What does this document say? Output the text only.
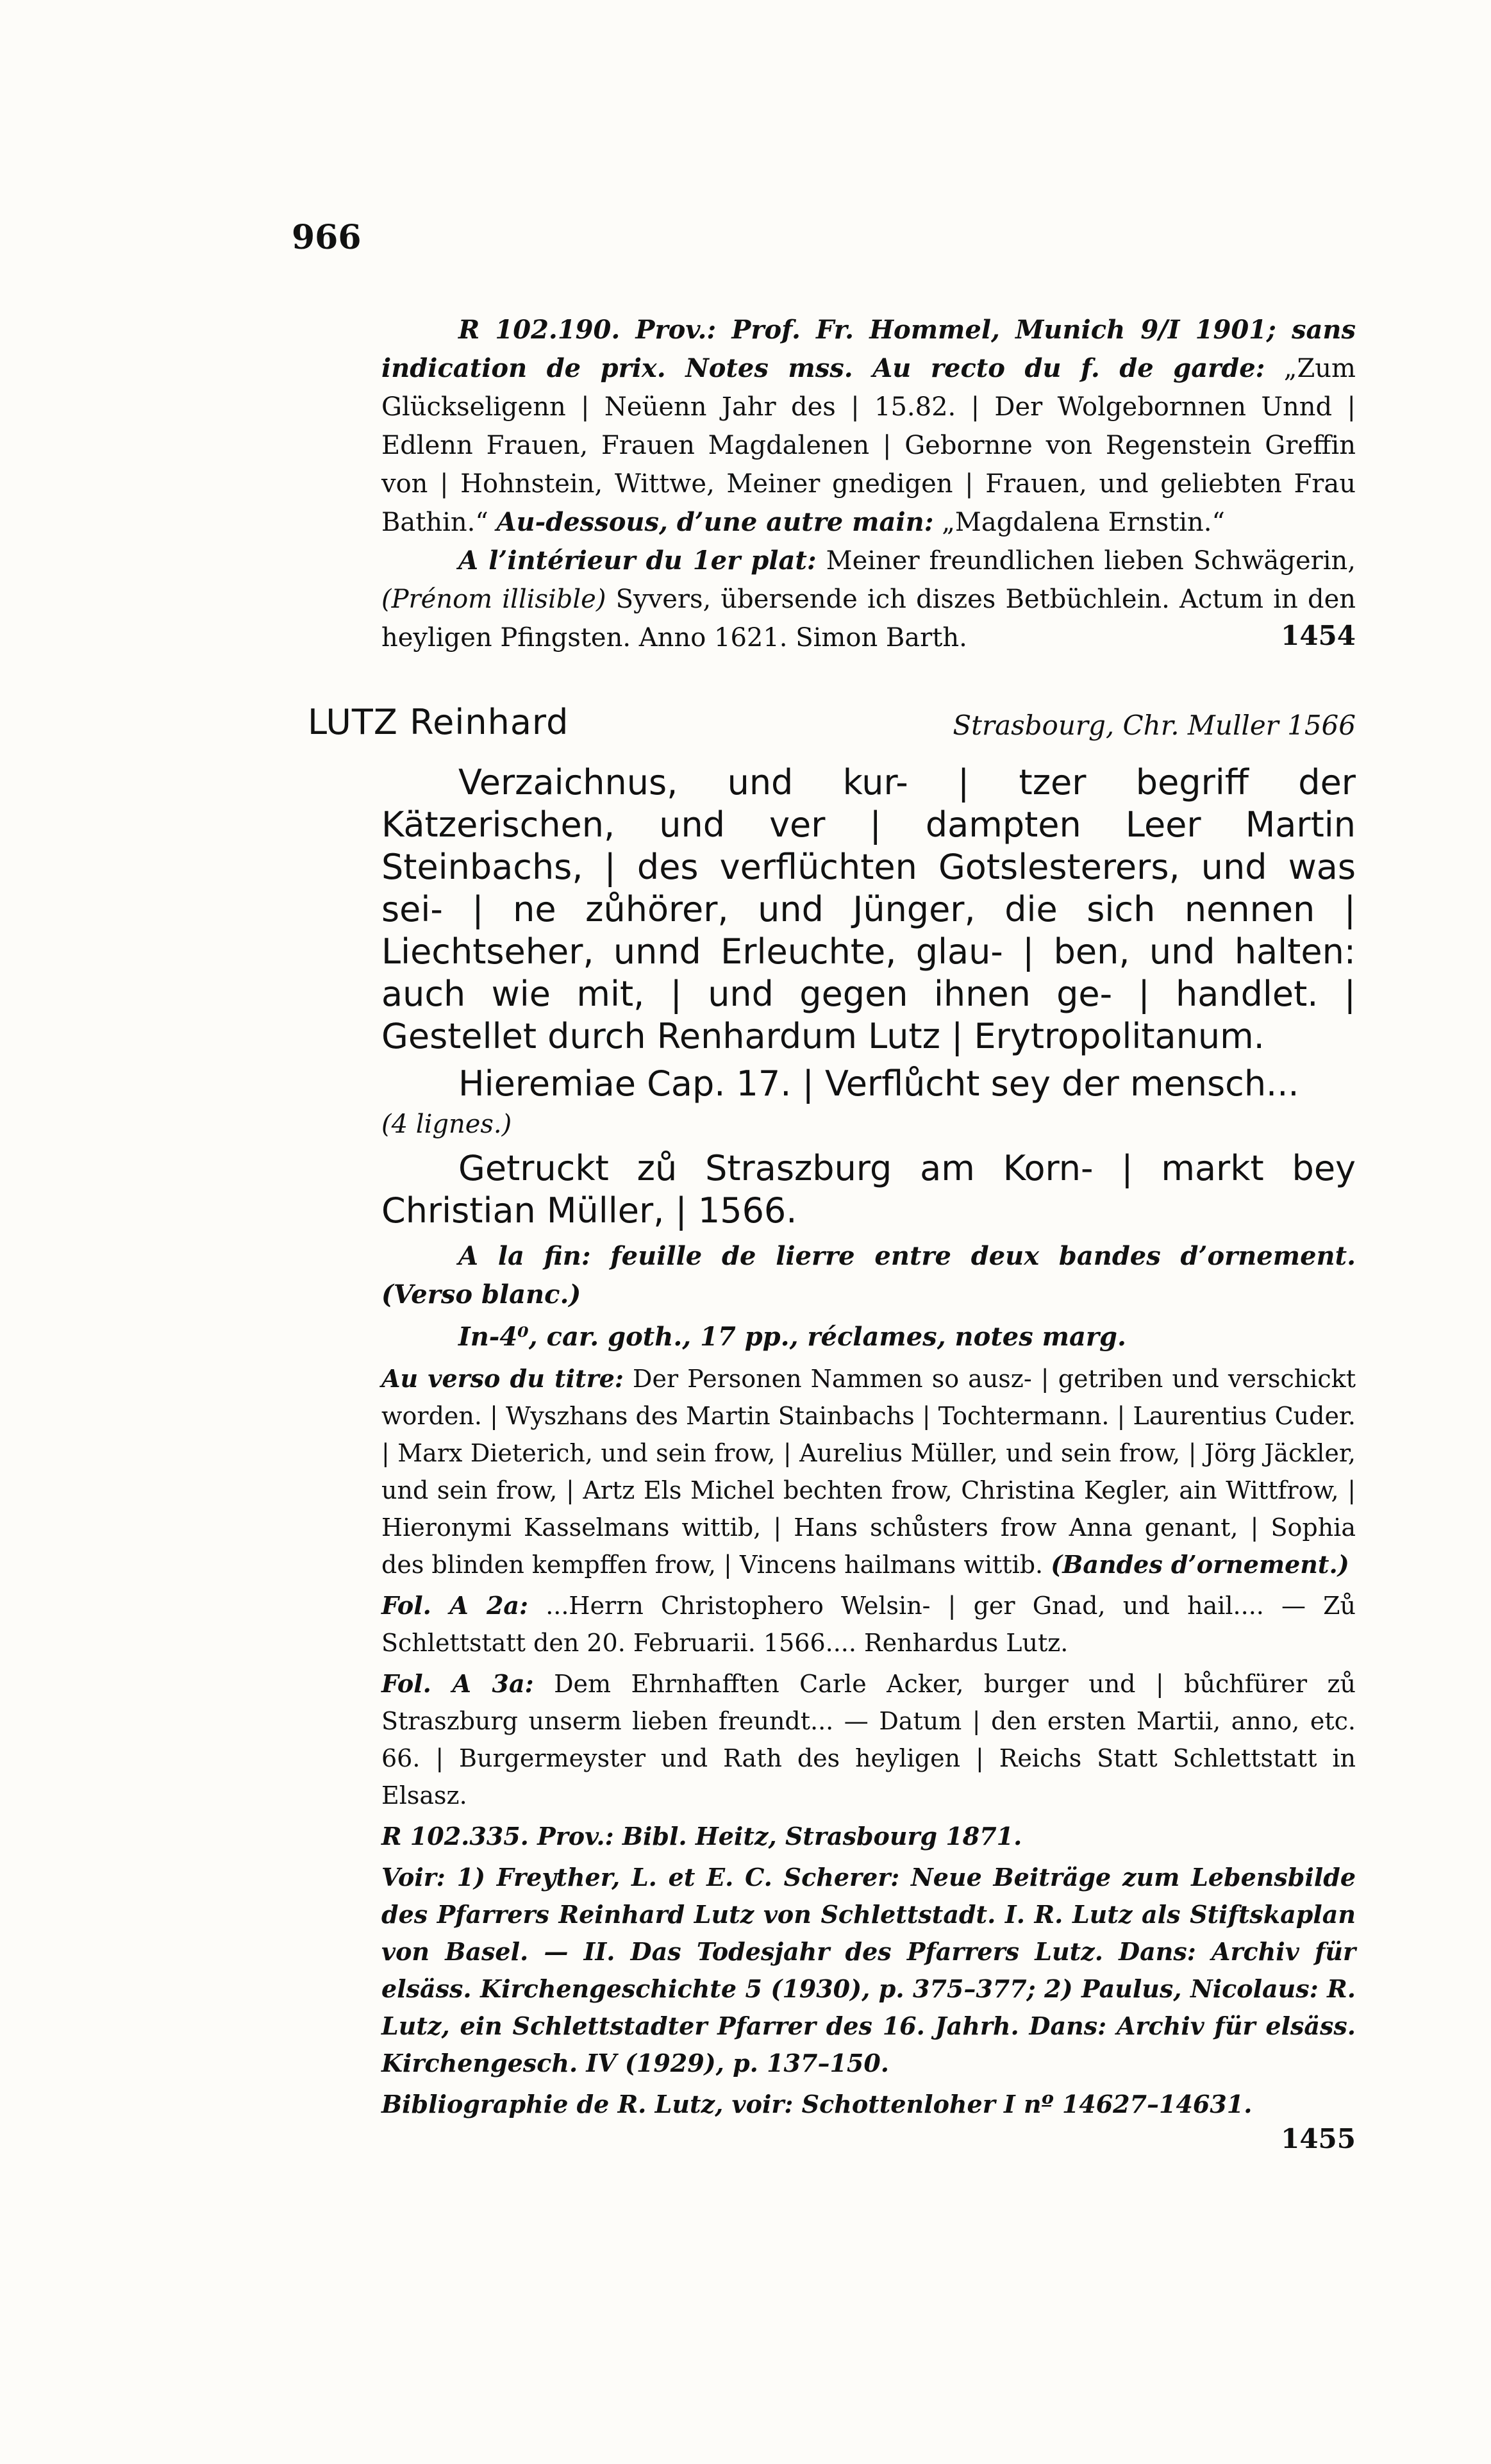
966

R 102.190. Prov.: Prof. Fr. Hommel, Munich 9/I 1901; sans indication de prix. Notes mss. Au recto du f. de garde: „Zum Glückseligenn | Neüenn Jahr des | 15.82. | Der Wolgebornnen Unnd | Edlenn Frauen, Frauen Magdalenen | Gebornne von Regenstein Greffin von | Hohnstein, Wittwe, Meiner gnedigen | Frauen, und geliebten Frau Bathin.“ Au-dessous, d’une autre main: „Magdalena Ernstin.“

A l’intérieur du 1er plat: Meiner freundlichen lieben Schwägerin, (Prénom illisible) Syvers, übersende ich diszes Betbüchlein. Actum in den heyligen Pfingsten. Anno 1621. Simon Barth.	1454
LUTZ Reinhard	Strasbourg, Chr. Muller 1566

Verzaichnus, und kur- | tzer begriff der Kätzerischen, und ver | dampten Leer Martin Steinbachs, | des verflüchten Gotslesterers, und was sei- | ne zůhörer, und Jünger, die sich nennen | Liechtseher, unnd Erleuchte, glau- | ben, und halten: auch wie mit, | und gegen ihnen ge- | handlet. | Gestellet durch Renhardum Lutz | Erytropolitanum.

Hieremiae Cap. 17. | Verflůcht sey der mensch...

(4 lignes.)

Getruckt zů Straszburg am Korn- | markt bey Christian Müller, | 1566.

A la fin: feuille de lierre entre deux bandes d’ornement. (Verso blanc.)

In-4⁰, car. goth., 17 pp., réclames, notes marg.

Au verso du titre: Der Personen Nammen so ausz- | getriben und verschickt worden. | Wyszhans des Martin Stainbachs | Tochtermann. | Laurentius Cuder. | Marx Dieterich, und sein frow, | Aurelius Müller, und sein frow, | Jörg Jäckler, und sein frow, | Artz Els Michel bechten frow, Christina Kegler, ain Wittfrow, | Hieronymi Kasselmans wittib, | Hans schůsters frow Anna genant, | Sophia des blinden kempffen frow, | Vincens hailmans wittib. (Bandes d’ornement.)

Fol. A 2a: ...Herrn Christophero Welsin- | ger Gnad, und hail.... — Zů Schlettstatt den 20. Februarii. 1566.... Renhardus Lutz.

Fol. A 3a: Dem Ehrnhafften Carle Acker, burger und | bůchfürer zů Straszburg unserm lieben freundt... — Datum | den ersten Martii, anno, etc. 66. | Burgermeyster und Rath des heyligen | Reichs Statt Schlettstatt in Elsasz.

R 102.335. Prov.: Bibl. Heitz, Strasbourg 1871.

Voir: 1) Freyther, L. et E. C. Scherer: Neue Beiträge zum Lebensbilde des Pfarrers Reinhard Lutz von Schlettstadt. I. R. Lutz als Stiftskaplan von Basel. — II. Das Todesjahr des Pfarrers Lutz. Dans: Archiv für elsäss. Kirchengeschichte 5 (1930), p. 375–377; 2) Paulus, Nicolaus: R. Lutz, ein Schlettstadter Pfarrer des 16. Jahrh. Dans: Archiv für elsäss. Kirchengesch. IV (1929), p. 137–150.

Bibliographie de R. Lutz, voir: Schottenloher I nº 14627–14631.

1455
